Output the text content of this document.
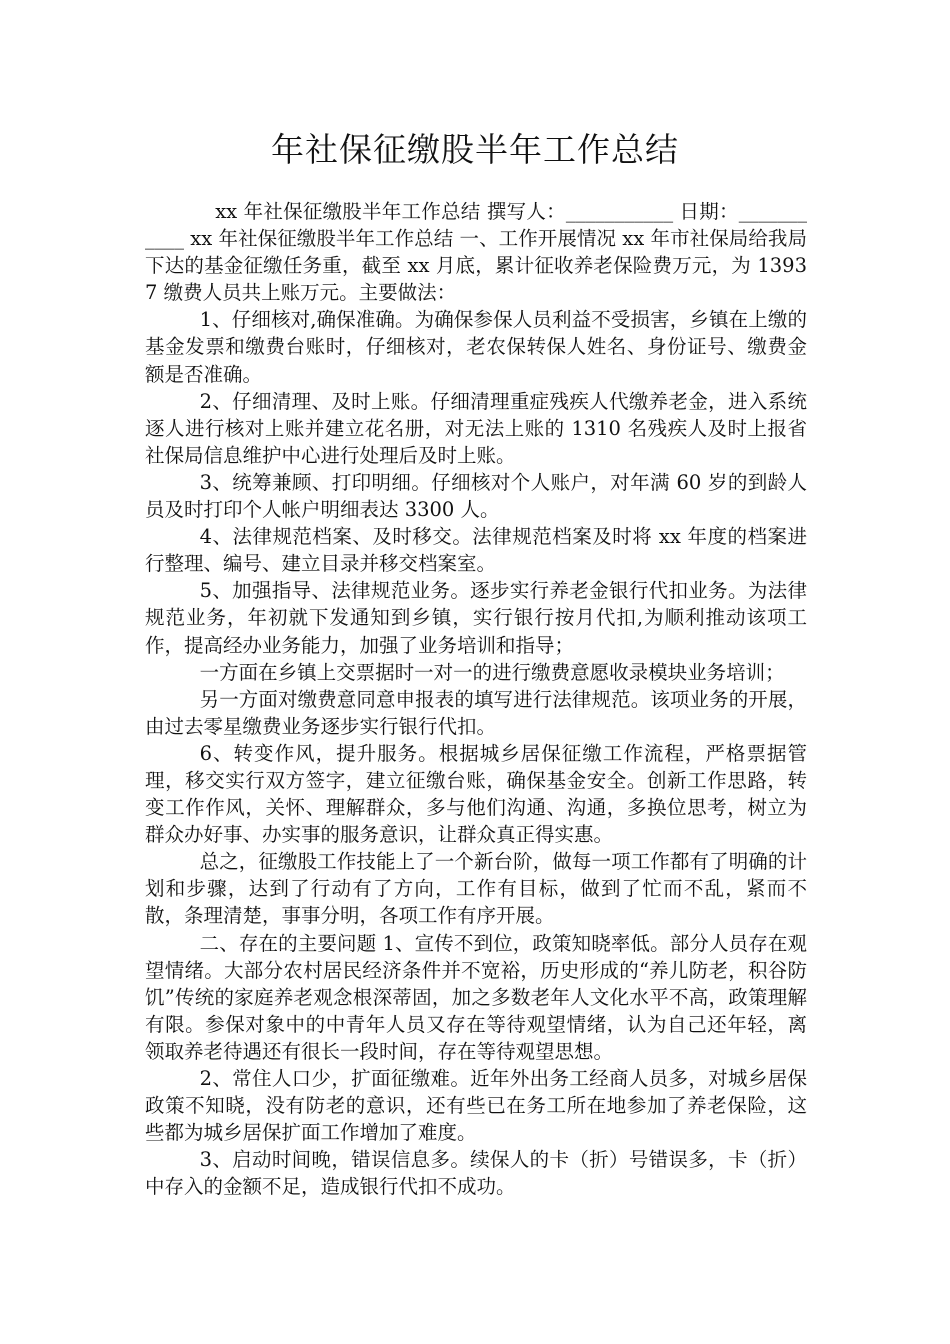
年社保征缴股半年工作总结

xx 年社保征缴股半年工作总结 撰写人：___________ 日期：___________ xx 年社保征缴股半年工作总结 一、工作开展情况 xx 年市社保局给我局下达的基金征缴任务重，截至 xx 月底，累计征收养老保险费万元，为 13937 缴费人员共上账万元。主要做法：

1、仔细核对,确保准确。为确保参保人员利益不受损害，乡镇在上缴的基金发票和缴费台账时，仔细核对，老农保转保人姓名、身份证号、缴费金额是否准确。

2、仔细清理、及时上账。仔细清理重症残疾人代缴养老金，进入系统逐人进行核对上账并建立花名册，对无法上账的 1310 名残疾人及时上报省社保局信息维护中心进行处理后及时上账。

3、统筹兼顾、打印明细。仔细核对个人账户，对年满 60 岁的到龄人员及时打印个人帐户明细表达 3300 人。

4、法律规范档案、及时移交。法律规范档案及时将 xx 年度的档案进行整理、编号、建立目录并移交档案室。

5、加强指导、法律规范业务。逐步实行养老金银行代扣业务。为法律规范业务，年初就下发通知到乡镇，实行银行按月代扣,为顺利推动该项工作，提高经办业务能力，加强了业务培训和指导；

一方面在乡镇上交票据时一对一的进行缴费意愿收录模块业务培训；

另一方面对缴费意同意申报表的填写进行法律规范。该项业务的开展，由过去零星缴费业务逐步实行银行代扣。

6、转变作风，提升服务。根据城乡居保征缴工作流程，严格票据管理，移交实行双方签字，建立征缴台账，确保基金安全。创新工作思路，转变工作作风，关怀、理解群众，多与他们沟通、沟通，多换位思考，树立为群众办好事、办实事的服务意识，让群众真正得实惠。

总之，征缴股工作技能上了一个新台阶，做每一项工作都有了明确的计划和步骤，达到了行动有了方向，工作有目标，做到了忙而不乱，紧而不散，条理清楚，事事分明，各项工作有序开展。

二、存在的主要问题 1、宣传不到位，政策知晓率低。部分人员存在观望情绪。大部分农村居民经济条件并不宽裕，历史形成的“养儿防老，积谷防饥”传统的家庭养老观念根深蒂固，加之多数老年人文化水平不高，政策理解有限。参保对象中的中青年人员又存在等待观望情绪，认为自己还年轻，离领取养老待遇还有很长一段时间，存在等待观望思想。

2、常住人口少，扩面征缴难。近年外出务工经商人员多，对城乡居保政策不知晓，没有防老的意识，还有些已在务工所在地参加了养老保险，这些都为城乡居保扩面工作增加了难度。

3、启动时间晚，错误信息多。续保人的卡（折）号错误多，卡（折）中存入的金额不足，造成银行代扣不成功。
